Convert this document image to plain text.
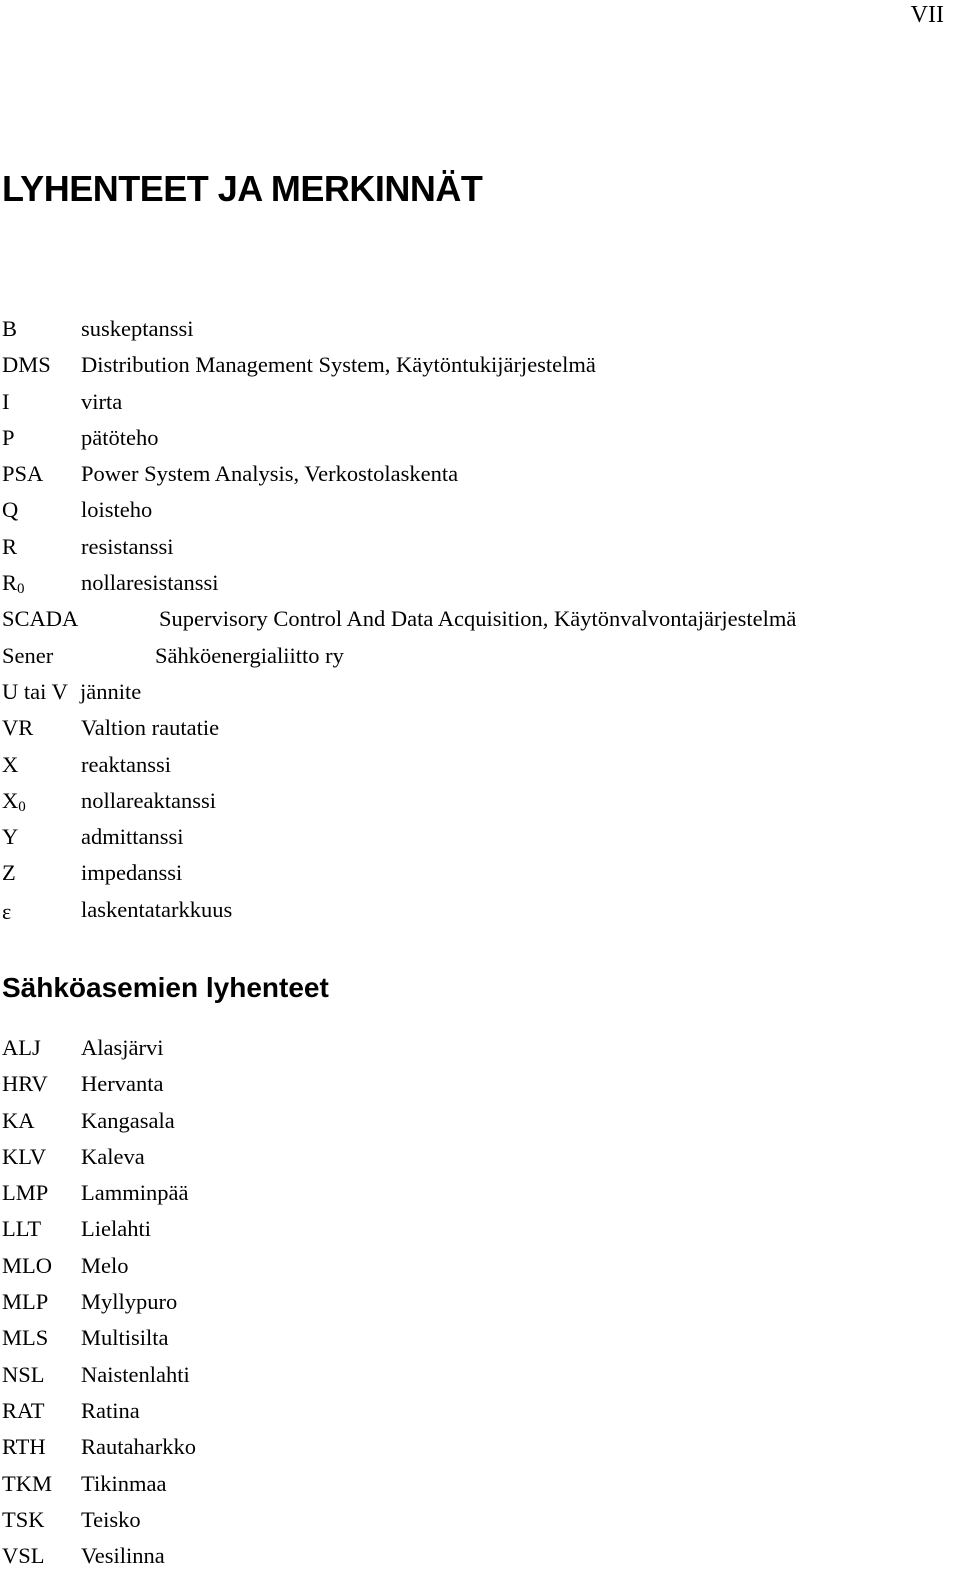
VII
LYHENTEET JA MERKINNÄT
B	suskeptanssi
DMS Distribution Management System, Käytöntukijärjestelmä
I	virta
P	pätöteho
PSA Power System Analysis, Verkostolaskenta
Q	loisteho
R	resistanssi
$R_0$	nollaresistanssi
SCADA	Supervisory Control And Data Acquisition, Käytönvalvontajärjestelmä
Sener	Sähköenergialiitto ry
U tai V jännite
VR Valtion rautatie
X	reaktanssi
$X_0$ nollareaktanssi
Y	admittanssi
Z	impedanssi
ε	laskentatarkkuus
Sähköasemien lyhenteet
ALJ Alasjärvi
HRV Hervanta
KA Kangasala
KLV Kaleva
LMP Lamminpää
LLT Lielahti
MLO Melo
MLP Myllypuro
MLS Multisilta
NSL Naistenlahti
RAT Ratina
RTH Rautaharkko
TKM Tikinmaa
TSK Teisko
VSL Vesilinna
